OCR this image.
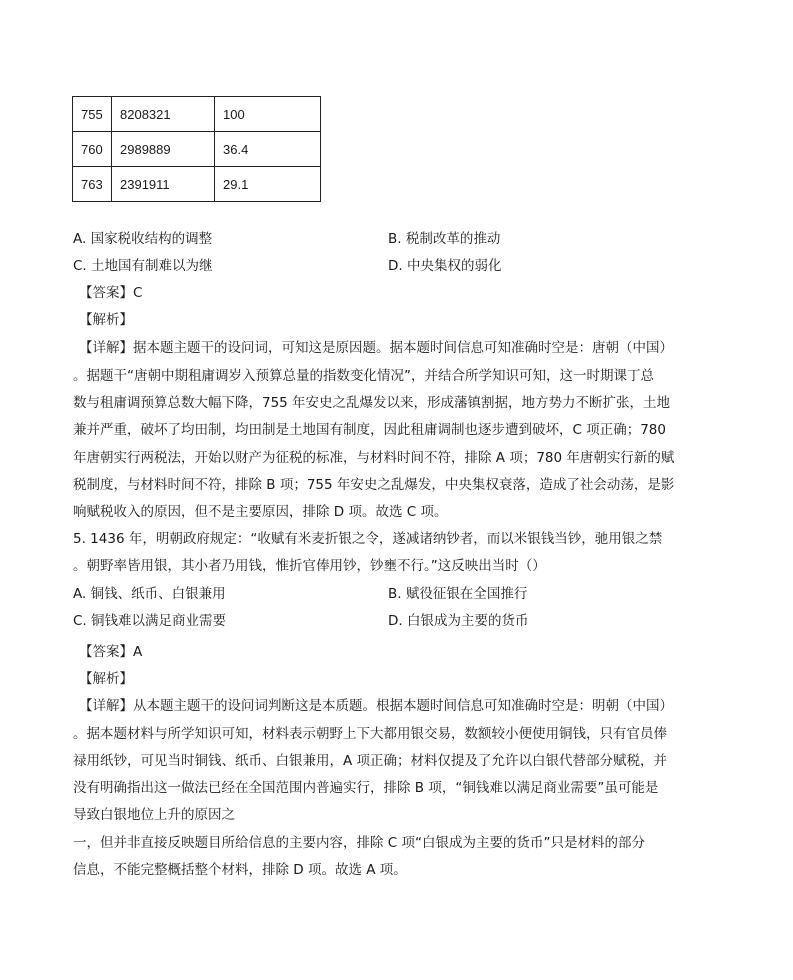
755	8208321	100
760	2989889	36.4
763	2391911	29.1
A. 国家税收结构的调整	B. 税制改革的推动
C. 土地国有制难以为继	D. 中央集权的弱化
【答案】C
【解析】
【详解】据本题主题干的设问词，可知这是原因题。据本题时间信息可知准确时空是：唐朝（中国）
。据题干“唐朝中期租庸调岁入预算总量的指数变化情况”，并结合所学知识可知，这一时期课丁总
数与租庸调预算总数大幅下降，755 年安史之乱爆发以来，形成藩镇割据，地方势力不断扩张，土地
兼并严重，破坏了均田制，均田制是土地国有制度，因此租庸调制也逐步遭到破坏，C 项正确；780
年唐朝实行两税法，开始以财产为征税的标准，与材料时间不符，排除 A 项；780 年唐朝实行新的赋
税制度，与材料时间不符，排除 B 项；755 年安史之乱爆发，中央集权衰落，造成了社会动荡，是影
响赋税收入的原因，但不是主要原因，排除 D 项。故选 C 项。
5. 1436 年，明朝政府规定：“收赋有米麦折银之令，遂减诸纳钞者，而以米银钱当钞，驰用银之禁
。朝野率皆用银，其小者乃用钱，惟折官俸用钞，钞壅不行。”这反映出当时（）
A. 铜钱、纸币、白银兼用	B. 赋役征银在全国推行
C. 铜钱难以满足商业需要	D. 白银成为主要的货币
【答案】A
【解析】
【详解】从本题主题干的设问词判断这是本质题。根据本题时间信息可知准确时空是：明朝（中国）
。据本题材料与所学知识可知，材料表示朝野上下大都用银交易，数额较小便使用铜钱，只有官员俸
禄用纸钞，可见当时铜钱、纸币、白银兼用，A 项正确；材料仅提及了允许以白银代替部分赋税，并
没有明确指出这一做法已经在全国范围内普遍实行，排除 B 项，“铜钱难以满足商业需要”虽可能是
导致白银地位上升的原因之
一，但并非直接反映题目所给信息的主要内容，排除 C 项“白银成为主要的货币”只是材料的部分
信息，不能完整概括整个材料，排除 D 项。故选 A 项。
